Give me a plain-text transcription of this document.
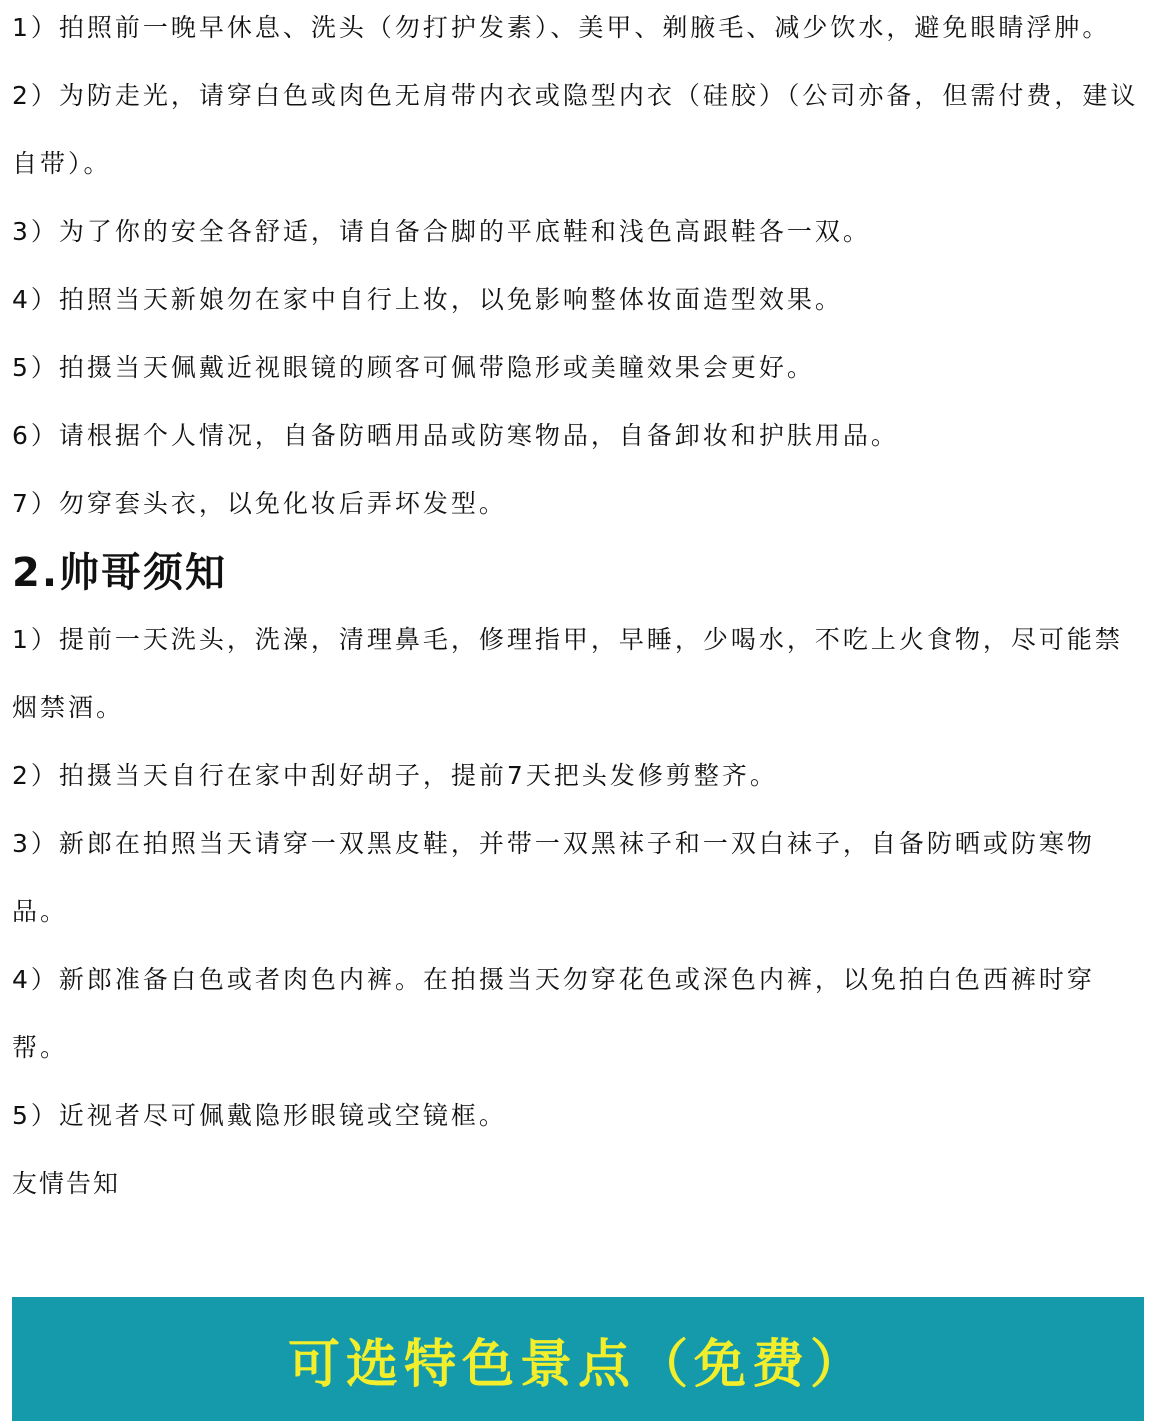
1）拍照前一晚早休息、洗头（勿打护发素）、美甲、剃腋毛、减少饮水，避免眼睛浮肿。

2）为防走光，请穿白色或肉色无肩带内衣或隐型内衣（硅胶）（公司亦备，但需付费，建议自带）。

3）为了你的安全各舒适，请自备合脚的平底鞋和浅色高跟鞋各一双。

4）拍照当天新娘勿在家中自行上妆，以免影响整体妆面造型效果。

5）拍摄当天佩戴近视眼镜的顾客可佩带隐形或美瞳效果会更好。

6）请根据个人情况，自备防晒用品或防寒物品，自备卸妆和护肤用品。

7）勿穿套头衣，以免化妆后弄坏发型。

2.帅哥须知

1）提前一天洗头，洗澡，清理鼻毛，修理指甲，早睡，少喝水，不吃上火食物，尽可能禁烟禁酒。

2）拍摄当天自行在家中刮好胡子，提前7天把头发修剪整齐。

3）新郎在拍照当天请穿一双黑皮鞋，并带一双黑袜子和一双白袜子，自备防晒或防寒物品。

4）新郎准备白色或者肉色内裤。在拍摄当天勿穿花色或深色内裤，以免拍白色西裤时穿帮。

5）近视者尽可佩戴隐形眼镜或空镜框。

友情告知

可选特色景点（免费）
